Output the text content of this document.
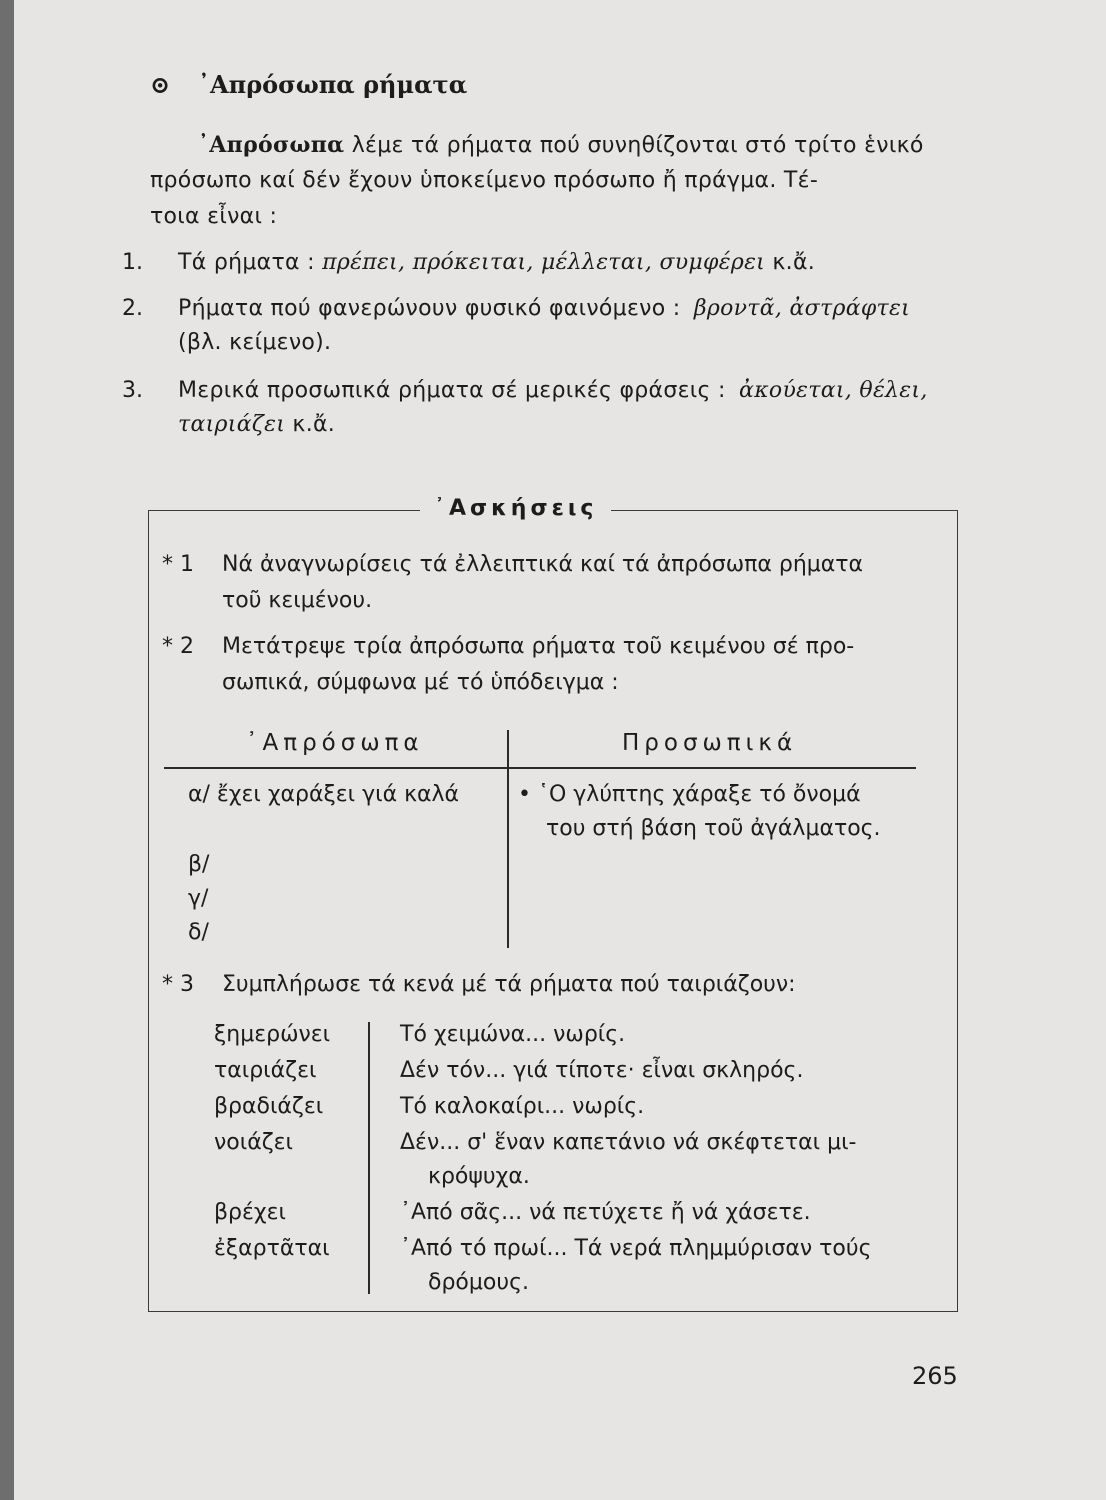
⊙ ᾿Απρόσωπα ρήματα
᾿Απρόσωπα λέμε τά ρήματα πού συνηθίζονται στό τρίτο ἑνικό
πρόσωπο καί δέν ἔχουν ὑποκείμενο πρόσωπο ἤ πράγμα. Τέ-
τοια εἶναι :
1. Τά ρήματα : πρέπει, πρόκειται, μέλλεται, συμφέρει κ.ἄ.
2. Ρήματα πού φανερώνουν φυσικό φαινόμενο : βροντᾶ, ἀστράφτει
(βλ. κείμενο).
3. Μερικά προσωπικά ρήματα σέ μερικές φράσεις : ἀκούεται, θέλει,
ταιριάζει κ.ἄ.
᾿Ασκήσεις
* 1 Νά ἀναγνωρίσεις τά ἐλλειπτικά καί τά ἀπρόσωπα ρήματα
τοῦ κειμένου.
* 2 Μετάτρεψε τρία ἀπρόσωπα ρήματα τοῦ κειμένου σέ προ-
σωπικά, σύμφωνα μέ τό ὑπόδειγμα :
᾿Απρόσωπα	Προσωπικά
α/ ἔχει χαράξει γιά καλά	• ῾Ο γλύπτης χάραξε τό ὄνομά
του στή βάση τοῦ ἀγάλματος.
β/
γ/
δ/
* 3 Συμπλήρωσε τά κενά μέ τά ρήματα πού ταιριάζουν:
ξημερώνει
ταιριάζει
βραδιάζει
νοιάζει
βρέχει
ἐξαρτᾶται
Τό χειμώνα... νωρίς.
Δέν τόν... γιά τίποτε· εἶναι σκληρός.
Τό καλοκαίρι... νωρίς.
Δέν... σ' ἕναν καπετάνιο νά σκέφτεται μι-
κρόψυχα.
᾿Από σᾶς... νά πετύχετε ἤ νά χάσετε.
᾿Από τό πρωί... Τά νερά πλημμύρισαν τούς
δρόμους.
265
